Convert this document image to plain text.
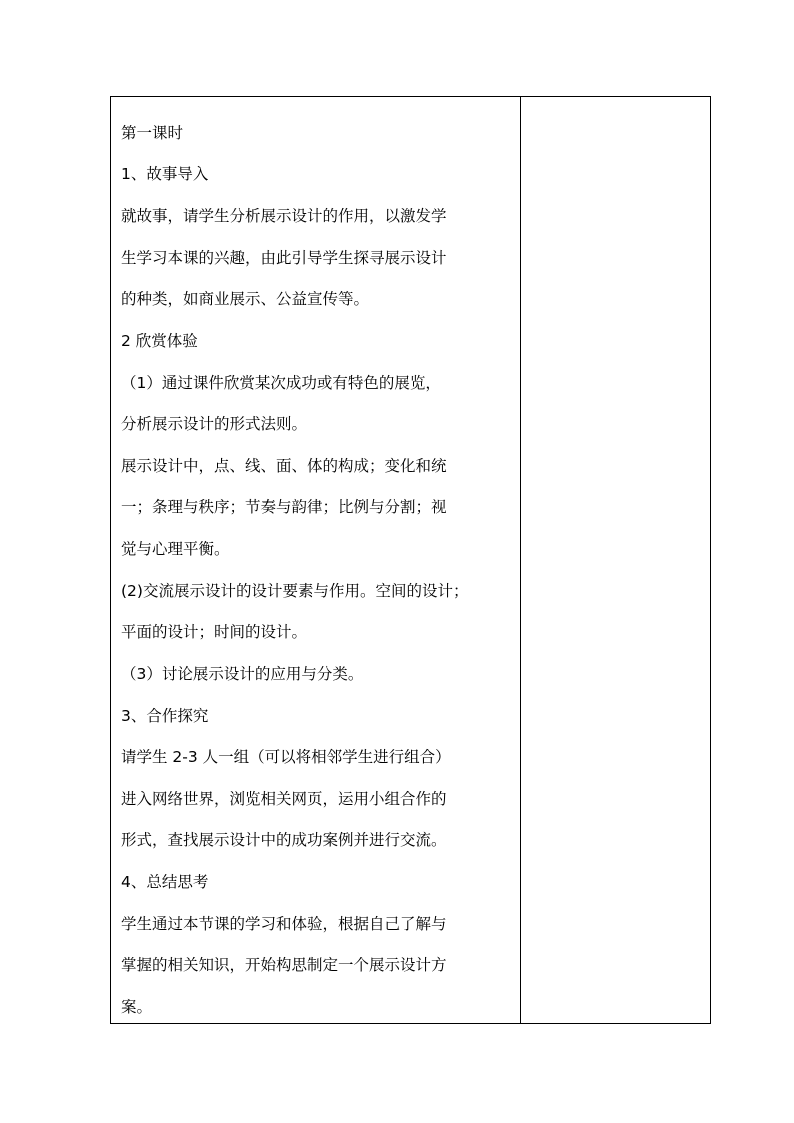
第一课时
1、故事导入
就故事，请学生分析展示设计的作用，以激发学
生学习本课的兴趣，由此引导学生探寻展示设计
的种类，如商业展示、公益宣传等。
2 欣赏体验
（1）通过课件欣赏某次成功或有特色的展览，
分析展示设计的形式法则。
展示设计中，点、线、面、体的构成；变化和统
一；条理与秩序；节奏与韵律；比例与分割；视
觉与心理平衡。
(2)交流展示设计的设计要素与作用。空间的设计；
平面的设计；时间的设计。
（3）讨论展示设计的应用与分类。
3、合作探究
请学生 2-3 人一组（可以将相邻学生进行组合）
进入网络世界，浏览相关网页，运用小组合作的
形式，查找展示设计中的成功案例并进行交流。
4、总结思考
学生通过本节课的学习和体验，根据自己了解与
掌握的相关知识，开始构思制定一个展示设计方
案。
